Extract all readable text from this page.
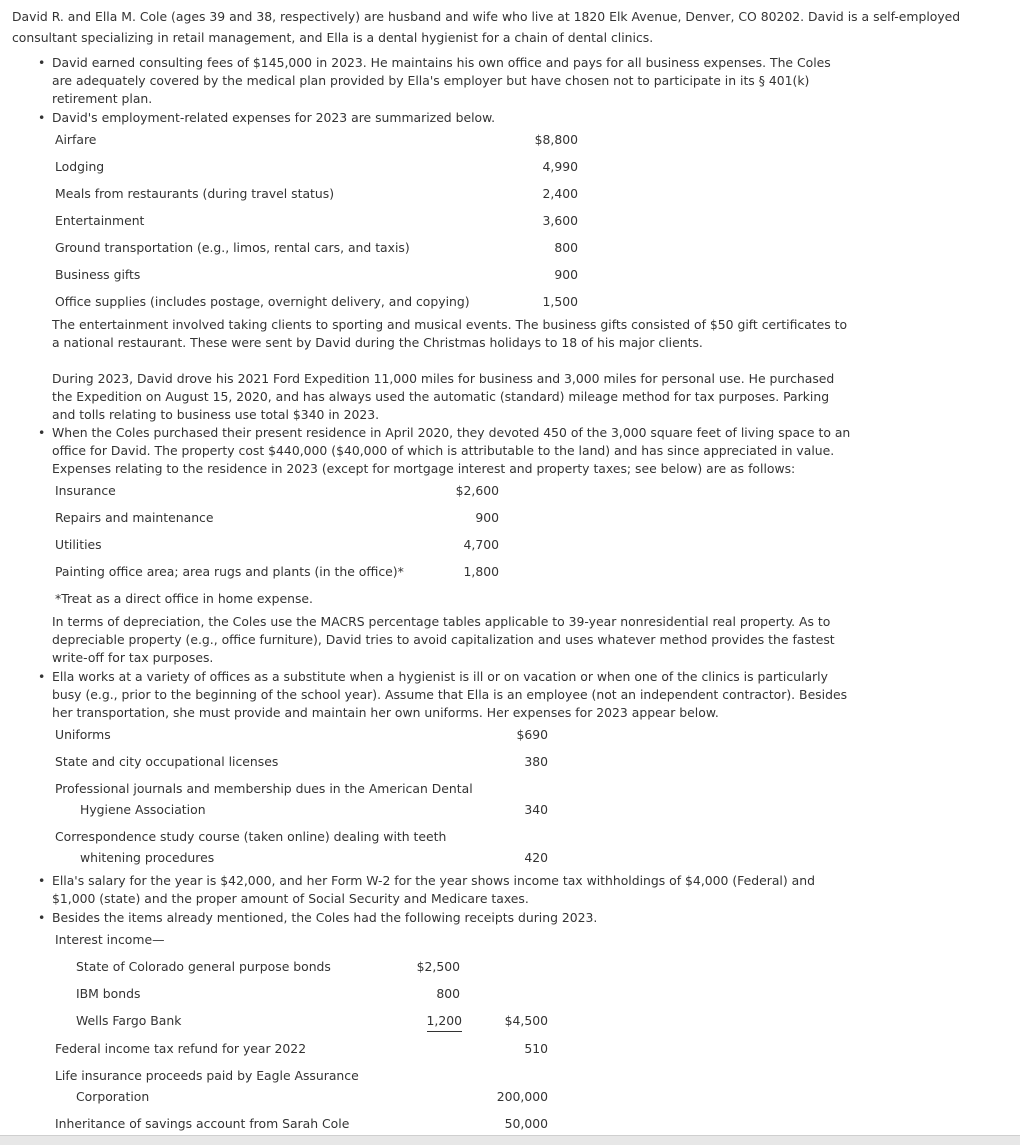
David R. and Ella M. Cole (ages 39 and 38, respectively) are husband and wife who live at 1820 Elk Avenue, Denver, CO 80202. David is a self-employed consultant specializing in retail management, and Ella is a dental hygienist for a chain of dental clinics.

• David earned consulting fees of $145,000 in 2023. He maintains his own office and pays for all business expenses. The Coles are adequately covered by the medical plan provided by Ella's employer but have chosen not to participate in its § 401(k) retirement plan.
• David's employment-related expenses for 2023 are summarized below.
Airfare	$8,800
Lodging	4,990
Meals from restaurants (during travel status)	2,400
Entertainment	3,600
Ground transportation (e.g., limos, rental cars, and taxis)	800
Business gifts	900
Office supplies (includes postage, overnight delivery, and copying)	1,500

The entertainment involved taking clients to sporting and musical events. The business gifts consisted of $50 gift certificates to a national restaurant. These were sent by David during the Christmas holidays to 18 of his major clients.

During 2023, David drove his 2021 Ford Expedition 11,000 miles for business and 3,000 miles for personal use. He purchased the Expedition on August 15, 2020, and has always used the automatic (standard) mileage method for tax purposes. Parking and tolls relating to business use total $340 in 2023.

• When the Coles purchased their present residence in April 2020, they devoted 450 of the 3,000 square feet of living space to an office for David. The property cost $440,000 ($40,000 of which is attributable to the land) and has since appreciated in value. Expenses relating to the residence in 2023 (except for mortgage interest and property taxes; see below) are as follows:
Insurance	$2,600
Repairs and maintenance	900
Utilities	4,700
Painting office area; area rugs and plants (in the office)*	1,800
*Treat as a direct office in home expense.

In terms of depreciation, the Coles use the MACRS percentage tables applicable to 39-year nonresidential real property. As to depreciable property (e.g., office furniture), David tries to avoid capitalization and uses whatever method provides the fastest write-off for tax purposes.

• Ella works at a variety of offices as a substitute when a hygienist is ill or on vacation or when one of the clinics is particularly busy (e.g., prior to the beginning of the school year). Assume that Ella is an employee (not an independent contractor). Besides her transportation, she must provide and maintain her own uniforms. Her expenses for 2023 appear below.
Uniforms	$690
State and city occupational licenses	380
Professional journals and membership dues in the American Dental
Hygiene Association	340
Correspondence study course (taken online) dealing with teeth
whitening procedures	420
• Ella's salary for the year is $42,000, and her Form W-2 for the year shows income tax withholdings of $4,000 (Federal) and $1,000 (state) and the proper amount of Social Security and Medicare taxes.
• Besides the items already mentioned, the Coles had the following receipts during 2023.
Interest income—
State of Colorado general purpose bonds	$2,500
IBM bonds	800
Wells Fargo Bank	1,200	$4,500
Federal income tax refund for year 2022	510
Life insurance proceeds paid by Eagle Assurance
Corporation	200,000
Inheritance of savings account from Sarah Cole	50,000
